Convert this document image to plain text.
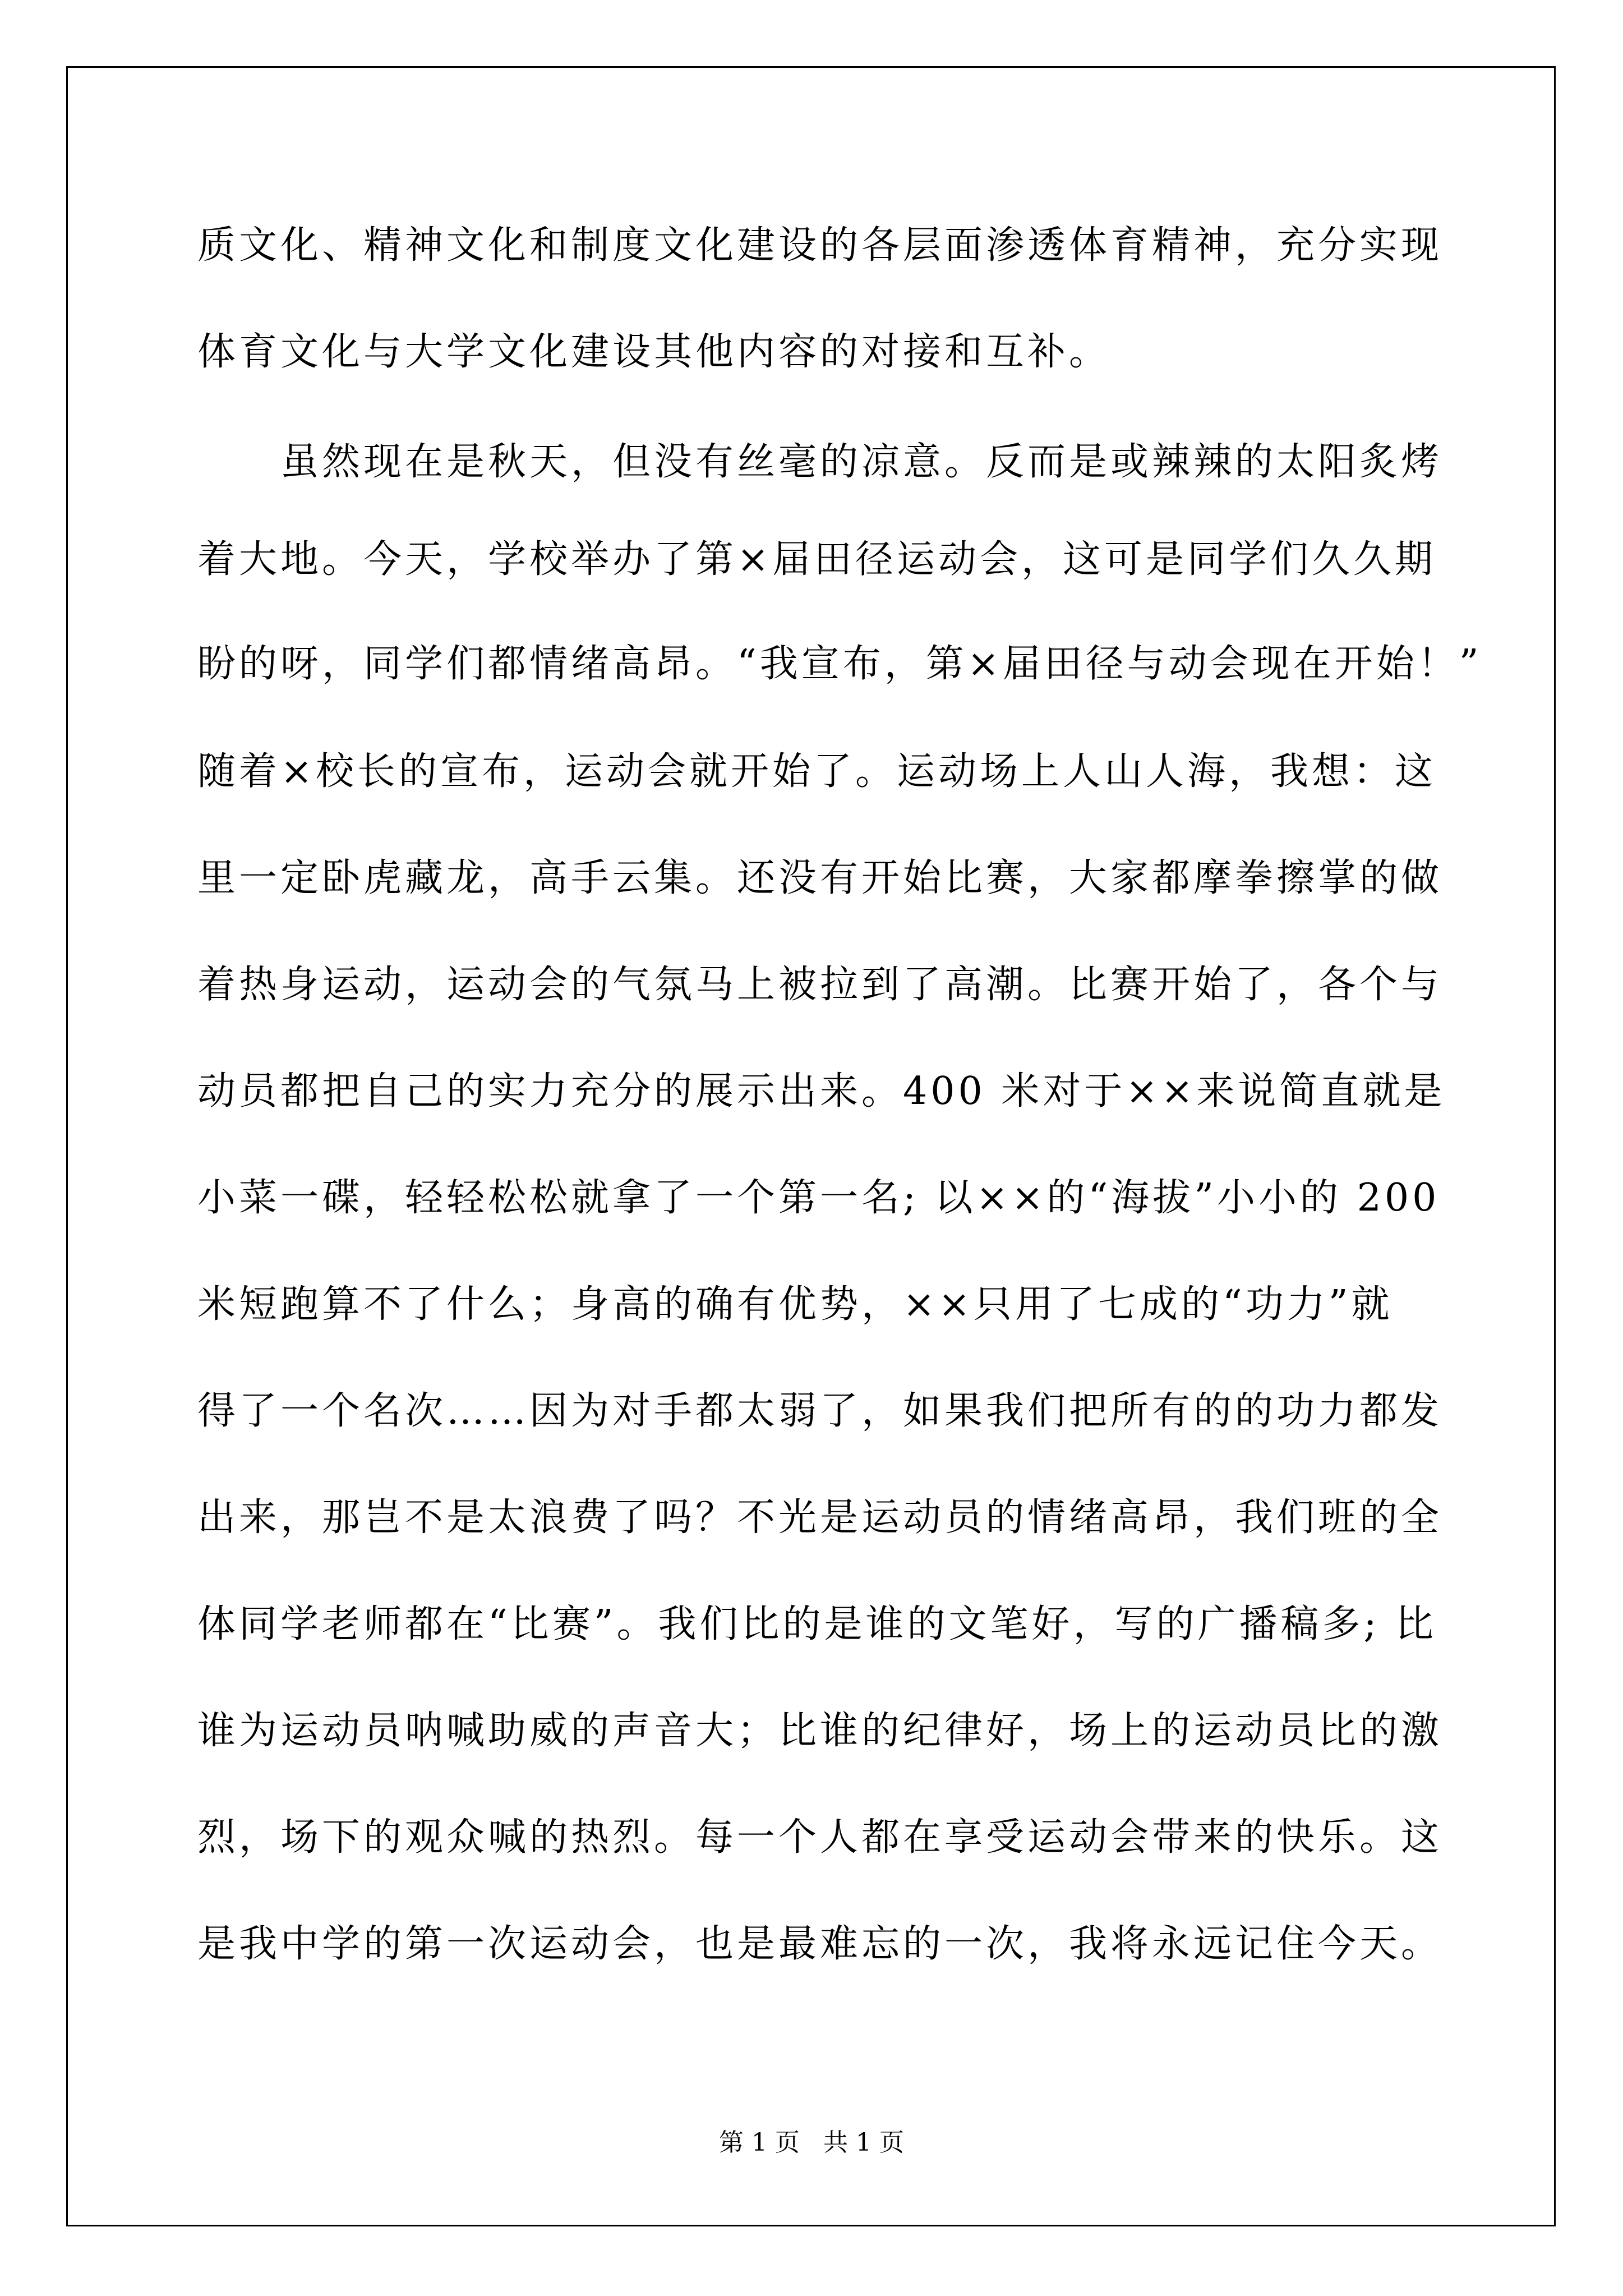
质文化、精神文化和制度文化建设的各层面渗透体育精神，充分实现
体育文化与大学文化建设其他内容的对接和互补。
虽然现在是秋天，但没有丝毫的凉意。反而是或辣辣的太阳炙烤
着大地。今天，学校举办了第×届田径运动会，这可是同学们久久期
盼的呀，同学们都情绪高昂。“我宣布，第×届田径与动会现在开始！”
随着×校长的宣布，运动会就开始了。运动场上人山人海，我想：这
里一定卧虎藏龙，高手云集。还没有开始比赛，大家都摩拳擦掌的做
着热身运动，运动会的气氛马上被拉到了高潮。比赛开始了，各个与
动员都把自己的实力充分的展示出来。400 米对于××来说简直就是
小菜一碟，轻轻松松就拿了一个第一名; 以××的“海拔”小小的 200
米短跑算不了什么；身高的确有优势，××只用了七成的“功力”就
得了一个名次……因为对手都太弱了，如果我们把所有的的功力都发
出来，那岂不是太浪费了吗？不光是运动员的情绪高昂，我们班的全
体同学老师都在“比赛”。我们比的是谁的文笔好，写的广播稿多; 比
谁为运动员呐喊助威的声音大；比谁的纪律好，场上的运动员比的激
烈，场下的观众喊的热烈。每一个人都在享受运动会带来的快乐。这
是我中学的第一次运动会，也是最难忘的一次，我将永远记住今天。
第 1 页 共 1 页
